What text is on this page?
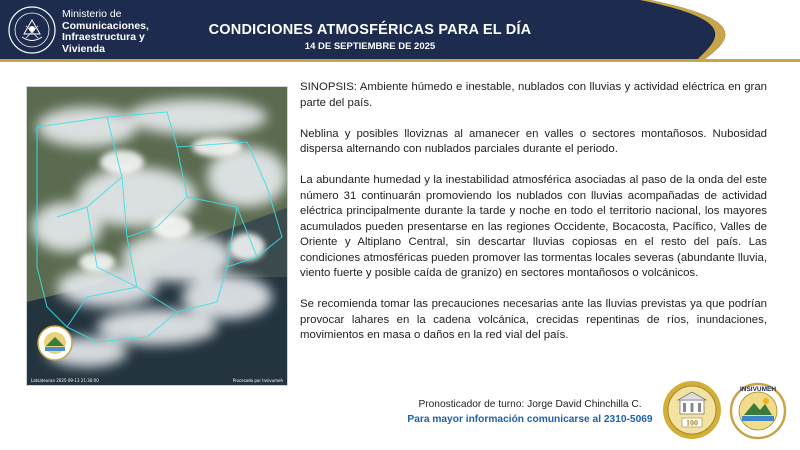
Ministerio de
Comunicaciones,
Infraestructura y
Vivienda
CONDICIONES ATMOSFÉRICAS PARA EL DÍA
14 DE SEPTIEMBRE DE 2025
Latsateuran 2025-09-13 21:30:00	Procesado por Insivumeh

SINOPSIS: Ambiente húmedo e inestable, nublados con lluvias y actividad eléctrica en gran parte del país.

Neblina y posibles lloviznas al amanecer en valles o sectores montañosos. Nubosidad dispersa alternando con nublados parciales durante el periodo.

La abundante humedad y la inestabilidad atmosférica asociadas al paso de la onda del este número 31 continuarán promoviendo los nublados con lluvias acompañadas de actividad eléctrica principalmente durante la tarde y noche en todo el territorio nacional, los mayores acumulados pueden presentarse en las regiones Occidente, Bocacosta, Pacífico, Valles de Oriente y Altiplano Central, sin descartar lluvias copiosas en el resto del país. Las condiciones atmosféricas pueden promover las tormentas locales severas (abundante lluvia, viento fuerte y posible caída de granizo) en sectores montañosos o volcánicos.

Se recomienda tomar las precauciones necesarias ante las lluvias previstas ya que podrían provocar lahares en la cadena volcánica, crecidas repentinas de ríos, inundaciones, movimientos en masa o daños en la red vial del país.

Pronosticador de turno: Jorge David Chinchilla C.
Para mayor información comunicarse al 2310-5069	100
INSIVUMEH
